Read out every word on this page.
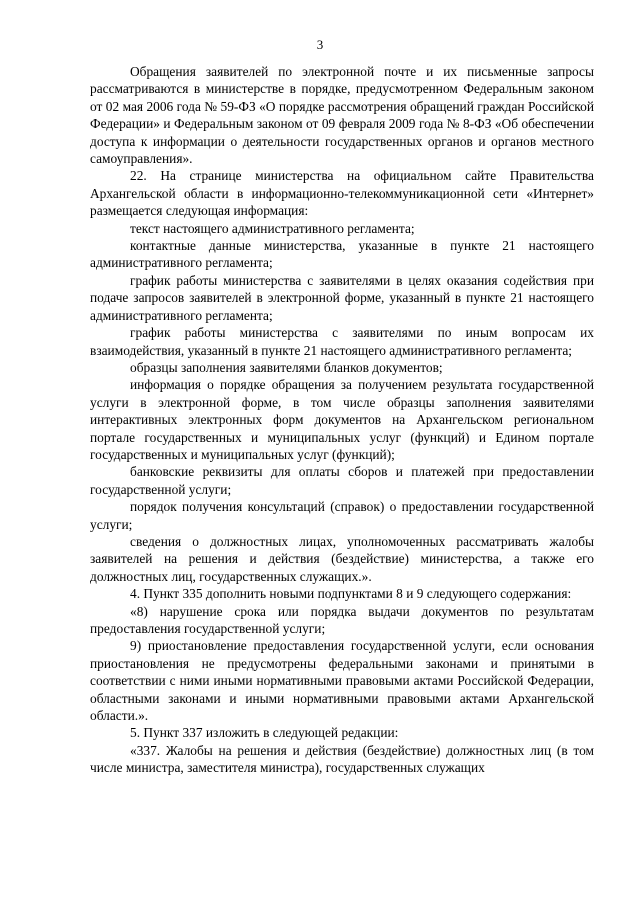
3

Обращения заявителей по электронной почте и их письменные запросы рассматриваются в министерстве в порядке, предусмотренном Федеральным законом от 02 мая 2006 года № 59-ФЗ «О порядке рассмотрения обращений граждан Российской Федерации» и Федеральным законом от 09 февраля 2009 года № 8-ФЗ «Об обеспечении доступа к информации о деятельности государственных органов и органов местного самоуправления».

22. На странице министерства на официальном сайте Правительства Архангельской области в информационно-телекоммуникационной сети «Интернет» размещается следующая информация:

текст настоящего административного регламента;

контактные данные министерства, указанные в пункте 21 настоящего административного регламента;

график работы министерства с заявителями в целях оказания содействия при подаче запросов заявителей в электронной форме, указанный в пункте 21 настоящего административного регламента;

график работы министерства с заявителями по иным вопросам их взаимодействия, указанный в пункте 21 настоящего административного регламента;

образцы заполнения заявителями бланков документов;

информация о порядке обращения за получением результата государственной услуги в электронной форме, в том числе образцы заполнения заявителями интерактивных электронных форм документов на Архангельском региональном портале государственных и муниципальных услуг (функций) и Едином портале государственных и муниципальных услуг (функций);

банковские реквизиты для оплаты сборов и платежей при предоставлении государственной услуги;

порядок получения консультаций (справок) о предоставлении государственной услуги;

сведения о должностных лицах, уполномоченных рассматривать жалобы заявителей на решения и действия (бездействие) министерства, а также его должностных лиц, государственных служащих.».

4. Пункт 335 дополнить новыми подпунктами 8 и 9 следующего содержания:

«8) нарушение срока или порядка выдачи документов по результатам предоставления государственной услуги;

9) приостановление предоставления государственной услуги, если основания приостановления не предусмотрены федеральными законами и принятыми в соответствии с ними иными нормативными правовыми актами Российской Федерации, областными законами и иными нормативными правовыми актами Архангельской области.».

5. Пункт 337 изложить в следующей редакции:

«337. Жалобы на решения и действия (бездействие) должностных лиц (в том числе министра, заместителя министра), государственных служащих
